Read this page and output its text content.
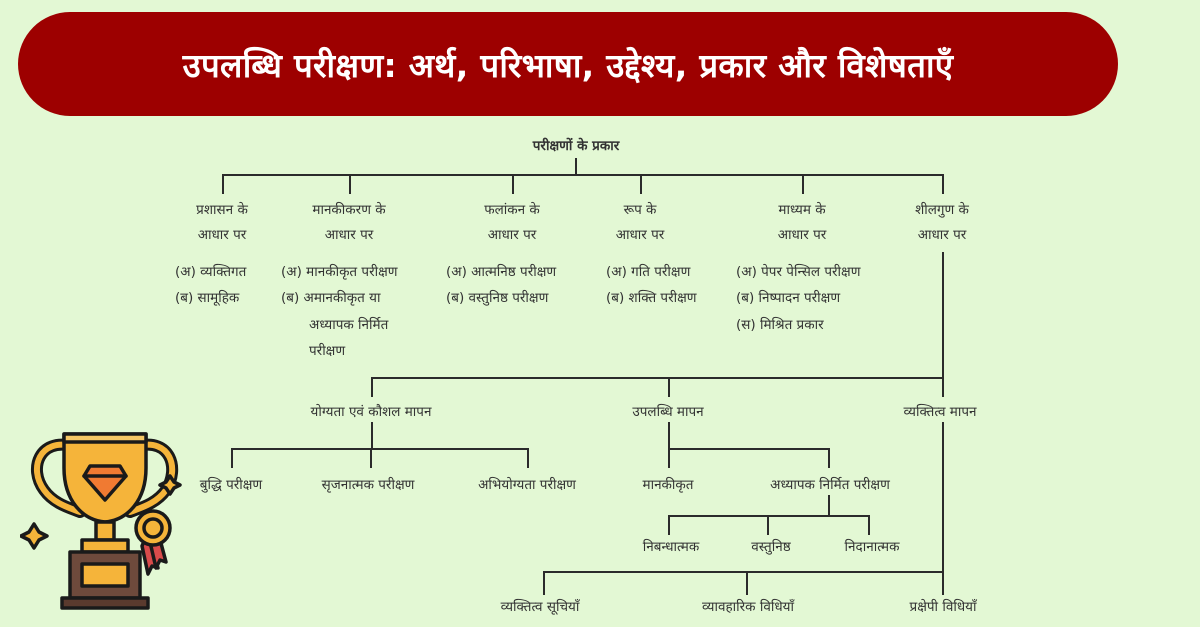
उपलब्धि परीक्षण: अर्थ, परिभाषा, उद्देश्य, प्रकार और विशेषताएँ
परीक्षणों के प्रकार
प्रशासन के
आधार पर
मानकीकरण के
आधार पर
फलांकन के
आधार पर
रूप के
आधार पर
माध्यम के
आधार पर
शीलगुण के
आधार पर
(अ) व्यक्तिगत
(ब) सामूहिक
(अ) मानकीकृत परीक्षण
(ब) अमानकीकृत या
अध्यापक निर्मित
परीक्षण
(अ) आत्मनिष्ठ परीक्षण
(ब) वस्तुनिष्ठ परीक्षण
(अ) गति परीक्षण
(ब) शक्ति परीक्षण
(अ) पेपर पेन्सिल परीक्षण
(ब) निष्पादन परीक्षण
(स) मिश्रित प्रकार
योग्यता एवं कौशल मापन	उपलब्धि मापन	व्यक्तित्व मापन
बुद्धि परीक्षण	सृजनात्मक परीक्षण	अभियोग्यता परीक्षण	मानकीकृत	अध्यापक निर्मित परीक्षण
निबन्धात्मक	वस्तुनिष्ठ	निदानात्मक
व्यक्तित्व सूचियाँ	व्यावहारिक विधियाँ	प्रक्षेपी विधियाँ
